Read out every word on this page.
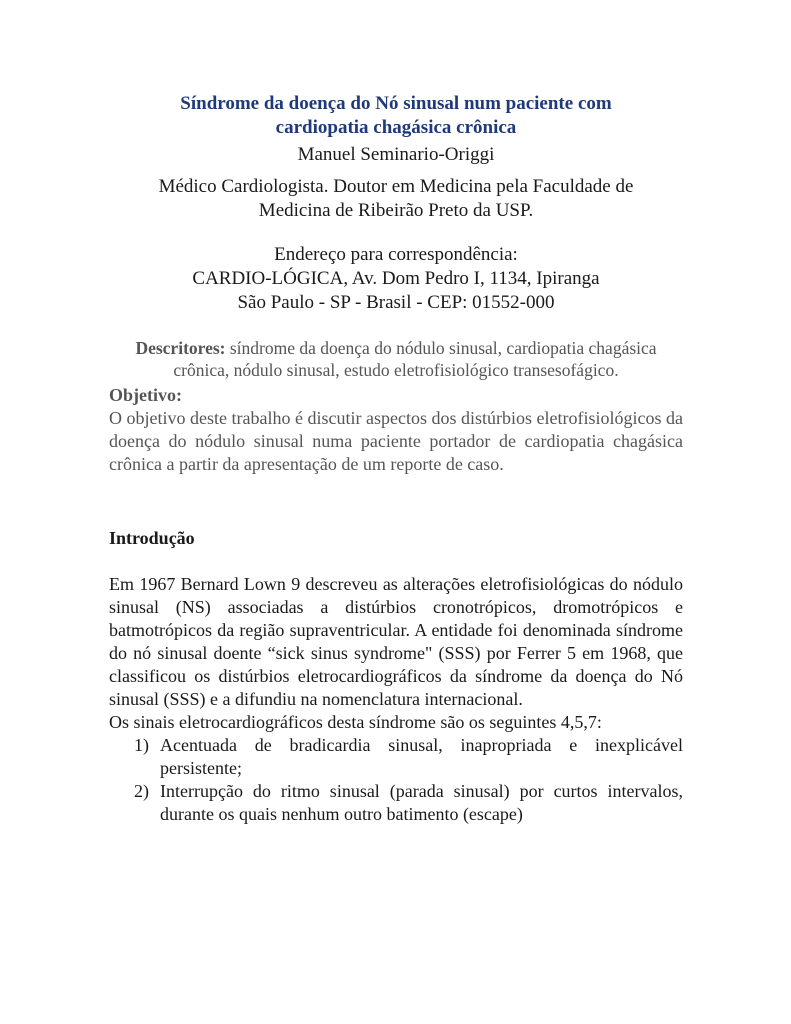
Síndrome da doença do Nó sinusal num paciente com
cardiopatia chagásica crônica

Manuel Seminario-Origgi

Médico Cardiologista. Doutor em Medicina pela Faculdade de
Medicina de Ribeirão Preto da USP.

Endereço para correspondência:
CARDIO-LÓGICA, Av. Dom Pedro I, 1134, Ipiranga
São Paulo - SP - Brasil - CEP: 01552-000

Descritores: síndrome da doença do nódulo sinusal, cardiopatia chagásica crônica, nódulo sinusal, estudo eletrofisiológico transesofágico.

Objetivo:

O objetivo deste trabalho é discutir aspectos dos distúrbios eletrofisiológicos da doença do nódulo sinusal numa paciente portador de cardiopatia chagásica crônica a partir da apresentação de um reporte de caso.

Introdução

Em 1967 Bernard Lown 9 descreveu as alterações eletrofisiológicas do nódulo sinusal (NS) associadas a distúrbios cronotrópicos, dromotrópicos e batmotrópicos da região supraventricular. A entidade foi denominada síndrome do nó sinusal doente “sick sinus syndrome" (SSS) por Ferrer 5 em 1968, que classificou os distúrbios eletrocardiográficos da síndrome da doença do Nó sinusal (SSS) e a difundiu na nomenclatura internacional.

Os sinais eletrocardiográficos desta síndrome são os seguintes 4,5,7:

1) Acentuada de bradicardia sinusal, inapropriada e inexplicável persistente;
2) Interrupção do ritmo sinusal (parada sinusal) por curtos intervalos, durante os quais nenhum outro batimento (escape)
